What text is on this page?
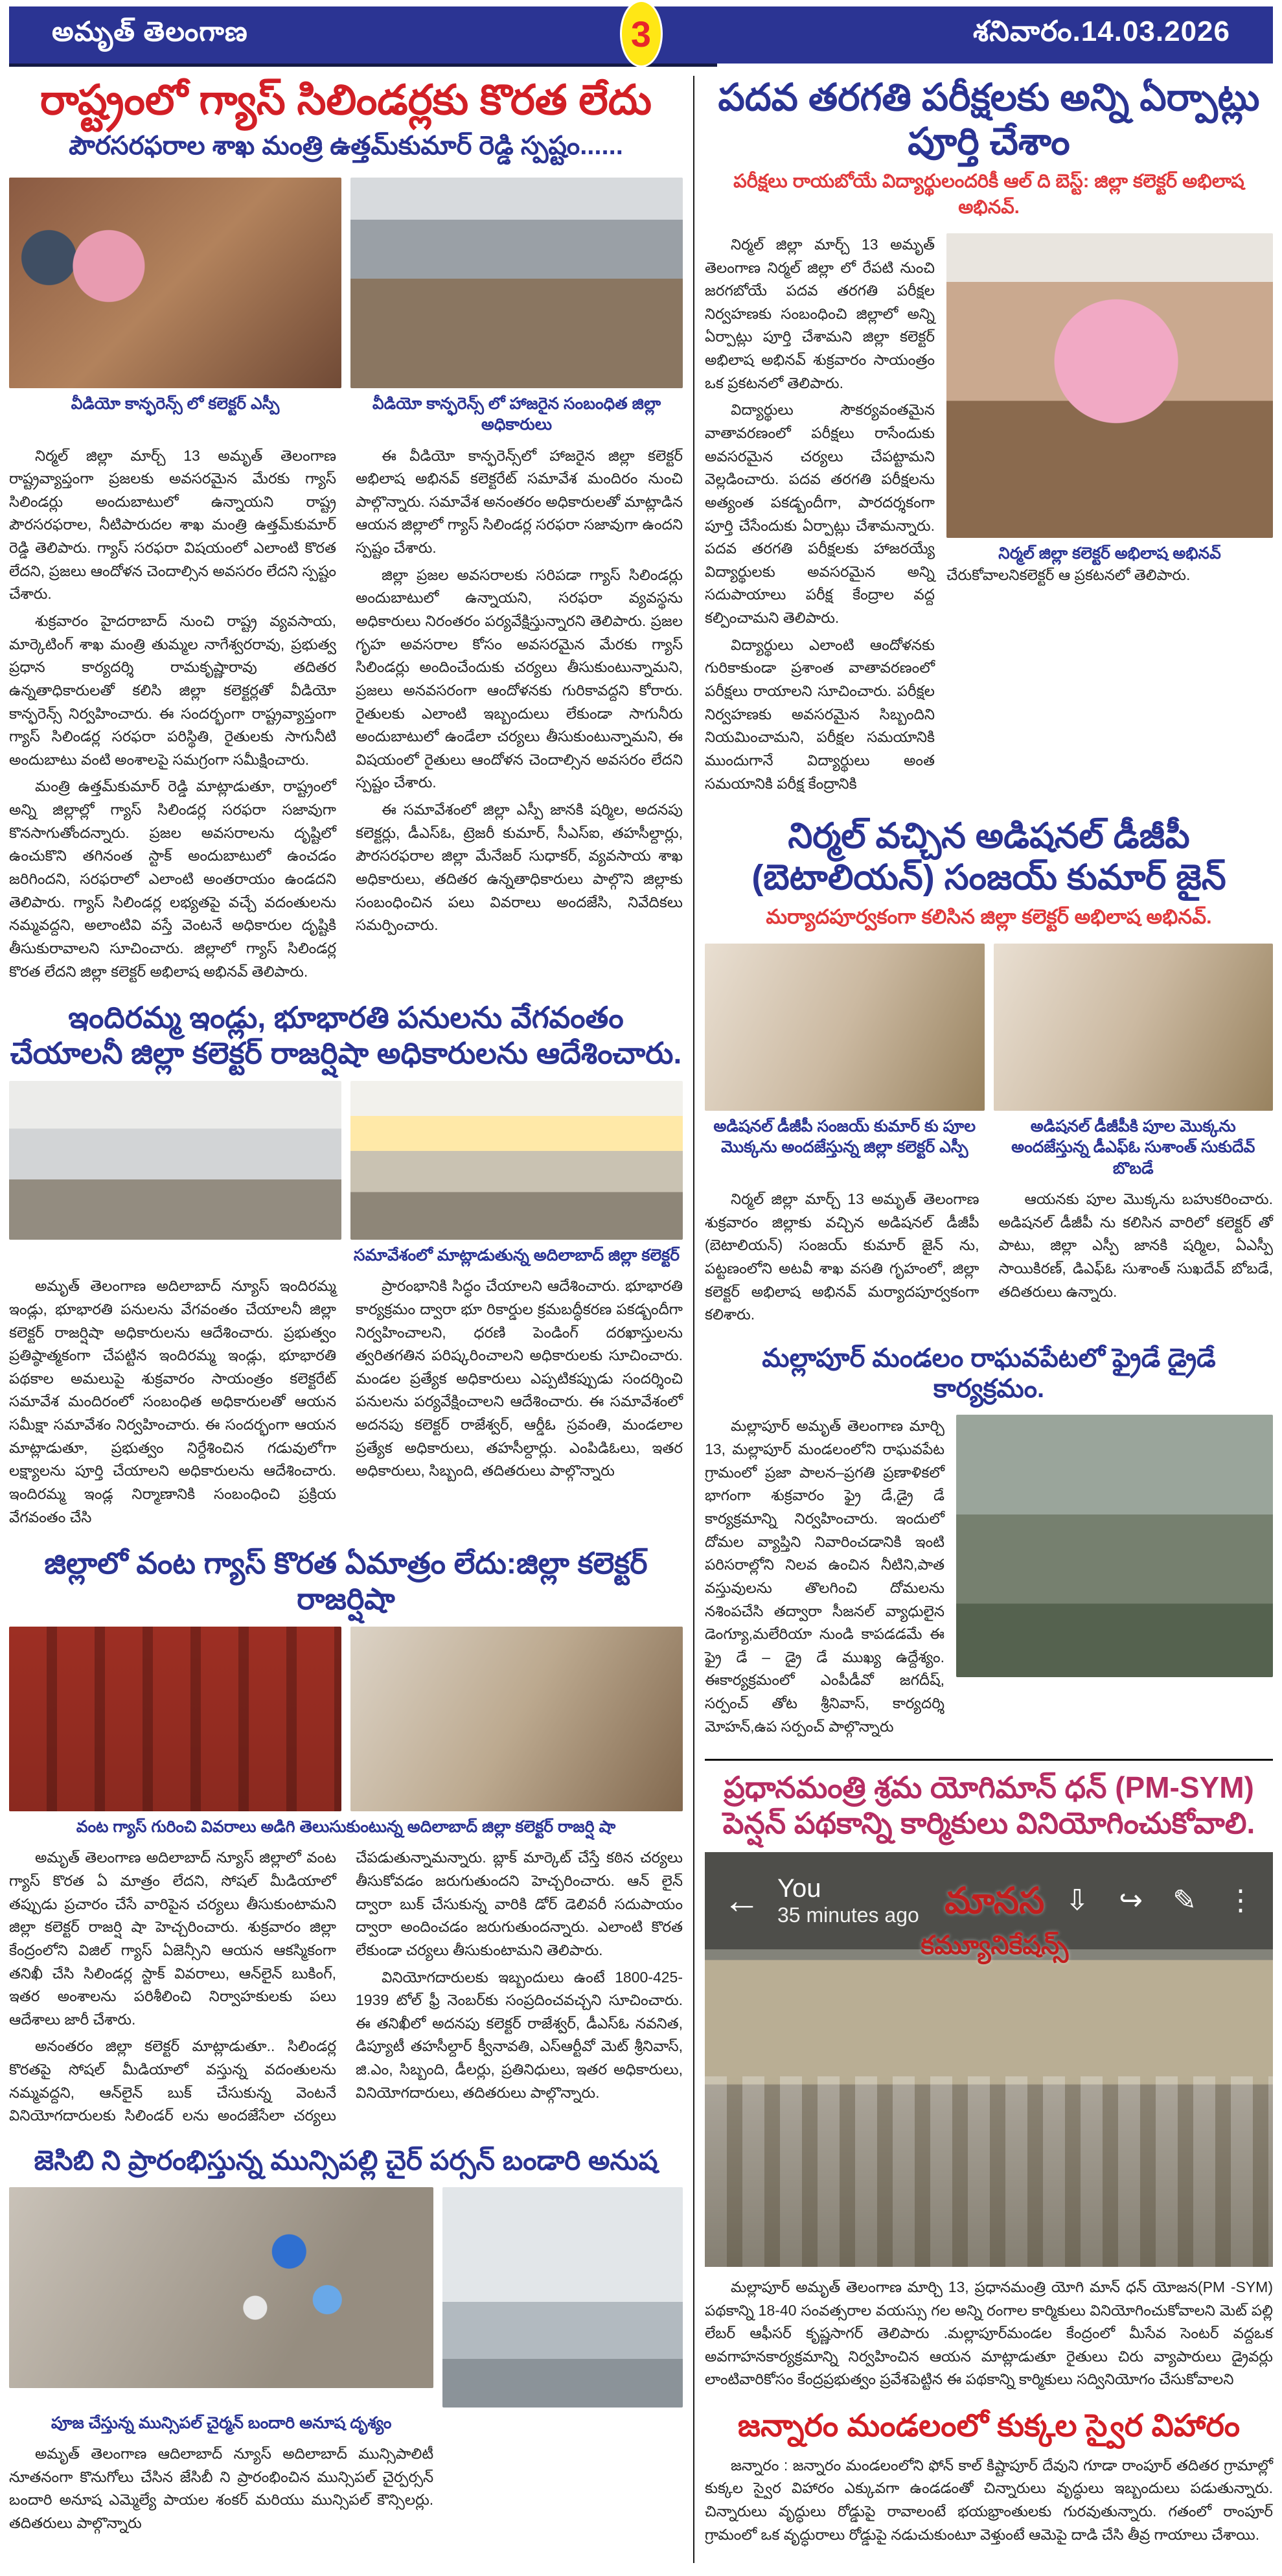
అమృత్ తెలంగాణ	3	శనివారం.14.03.2026
రాష్ట్రంలో గ్యాస్ సిలిండర్లకు కొరత లేదు
పౌరసరఫరాల శాఖ మంత్రి ఉత్తమ్‌కుమార్ రెడ్డి స్పష్టం......
వీడియో కాన్ఫరెన్స్ లో కలెక్టర్ ఎస్పీ	వీడియో కాన్ఫరెన్స్ లో హాజరైన సంబంధిత జిల్లా అధికారులు

నిర్మల్ జిల్లా మార్చ్ 13 అమృత్ తెలంగాణ రాష్ట్రవ్యాప్తంగా ప్రజలకు అవసరమైన మేరకు గ్యాస్ సిలిండర్లు అందుబాటులో ఉన్నాయని రాష్ట్ర పౌరసరఫరాల, నీటిపారుదల శాఖ మంత్రి ఉత్తమ్‌కుమార్ రెడ్డి తెలిపారు. గ్యాస్ సరఫరా విషయంలో ఎలాంటి కొరత లేదని, ప్రజలు ఆందోళన చెందాల్సిన అవసరం లేదని స్పష్టం చేశారు.

శుక్రవారం హైదరాబాద్ నుంచి రాష్ట్ర వ్యవసాయ, మార్కెటింగ్ శాఖ మంత్రి తుమ్మల నాగేశ్వరరావు, ప్రభుత్వ ప్రధాన కార్యదర్శి రామకృష్ణారావు తదితర ఉన్నతాధికారులతో కలిసి జిల్లా కలెక్టర్లతో వీడియో కాన్ఫరెన్స్ నిర్వహించారు. ఈ సందర్భంగా రాష్ట్రవ్యాప్తంగా గ్యాస్ సిలిండర్ల సరఫరా పరిస్థితి, రైతులకు సాగునీటి అందుబాటు వంటి అంశాలపై సమగ్రంగా సమీక్షించారు.

మంత్రి ఉత్తమ్‌కుమార్ రెడ్డి మాట్లాడుతూ, రాష్ట్రంలో అన్ని జిల్లాల్లో గ్యాస్ సిలిండర్ల సరఫరా సజావుగా కొనసాగుతోందన్నారు. ప్రజల అవసరాలను దృష్టిలో ఉంచుకొని తగినంత స్టాక్ అందుబాటులో ఉంచడం జరిగిందని, సరఫరాలో ఎలాంటి అంతరాయం ఉండదని తెలిపారు. గ్యాస్ సిలిండర్ల లభ్యతపై వచ్చే వదంతులను నమ్మవద్దని, అలాంటివి వస్తే వెంటనే అధికారుల దృష్టికి తీసుకురావాలని సూచించారు. జిల్లాలో గ్యాస్ సిలిండర్ల కొరత లేదని జిల్లా కలెక్టర్ అభిలాష అభినవ్ తెలిపారు.

ఈ వీడియో కాన్ఫరెన్స్‌లో హాజరైన జిల్లా కలెక్టర్ అభిలాష అభినవ్ కలెక్టరేట్ సమావేశ మందిరం నుంచి పాల్గొన్నారు. సమావేశ అనంతరం అధికారులతో మాట్లాడిన ఆయన జిల్లాలో గ్యాస్ సిలిండర్ల సరఫరా సజావుగా ఉందని స్పష్టం చేశారు.

జిల్లా ప్రజల అవసరాలకు సరిపడా గ్యాస్ సిలిండర్లు అందుబాటులో ఉన్నాయని, సరఫరా వ్యవస్థను అధికారులు నిరంతరం పర్యవేక్షిస్తున్నారని తెలిపారు. ప్రజల గృహ అవసరాల కోసం అవసరమైన మేరకు గ్యాస్ సిలిండర్లు అందించేందుకు చర్యలు తీసుకుంటున్నామని, ప్రజలు అనవసరంగా ఆందోళనకు గురికావద్దని కోరారు. రైతులకు ఎలాంటి ఇబ్బందులు లేకుండా సాగునీరు అందుబాటులో ఉండేలా చర్యలు తీసుకుంటున్నామని, ఈ విషయంలో రైతులు ఆందోళన చెందాల్సిన అవసరం లేదని స్పష్టం చేశారు.

ఈ సమావేశంలో జిల్లా ఎస్పీ జానకి షర్మిల, అదనపు కలెక్టర్లు, డీఎస్ఓ, ట్రెజరీ కుమార్, సీఎస్ఐ, తహసీల్దార్లు, పౌరసరఫరాల జిల్లా మేనేజర్ సుధాకర్, వ్యవసాయ శాఖ అధికారులు, తదితర ఉన్నతాధికారులు పాల్గొని జిల్లాకు సంబంధించిన పలు వివరాలు అందజేసి, నివేదికలు సమర్పించారు.

ఇందిరమ్మ ఇండ్లు, భూభారతి పనులను వేగవంతం చేయాలనీ జిల్లా కలెక్టర్ రాజర్షిషా అధికారులను ఆదేశించారు.
సమావేశంలో మాట్లాడుతున్న అదిలాబాద్ జిల్లా కలెక్టర్

అమృత్ తెలంగాణ అదిలాబాద్ న్యూస్ ఇందిరమ్మ ఇండ్లు, భూభారతి పనులను వేగవంతం చేయాలనీ జిల్లా కలెక్టర్ రాజర్షిషా అధికారులను ఆదేశించారు. ప్రభుత్వం ప్రతిష్ఠాత్మకంగా చేపట్టిన ఇందిరమ్మ ఇండ్లు, భూభారతి పథకాల అమలుపై శుక్రవారం సాయంత్రం కలెక్టరేట్ సమావేశ మందిరంలో సంబంధిత అధికారులతో ఆయన సమీక్షా సమావేశం నిర్వహించారు. ఈ సందర్భంగా ఆయన మాట్లాడుతూ, ప్రభుత్వం నిర్దేశించిన గడువులోగా లక్ష్యాలను పూర్తి చేయాలని అధికారులను ఆదేశించారు. ఇందిరమ్మ ఇండ్ల నిర్మాణానికి సంబంధించి ప్రక్రియ వేగవంతం చేసి

ప్రారంభానికి సిద్ధం చేయాలని ఆదేశించారు. భూభారతి కార్యక్రమం ద్వారా భూ రికార్డుల క్రమబద్ధీకరణ పకడ్బందీగా నిర్వహించాలని, ధరణి పెండింగ్ దరఖాస్తులను త్వరితగతిన పరిష్కరించాలని అధికారులకు సూచించారు. మండల ప్రత్యేక అధికారులు ఎప్పటికప్పుడు సందర్శించి పనులను పర్యవేక్షించాలని ఆదేశించారు. ఈ సమావేశంలో అదనపు కలెక్టర్ రాజేశ్వర్, ఆర్డీఓ స్రవంతి, మండలాల ప్రత్యేక అధికారులు, తహసీల్దార్లు. ఎంపిడిఓలు, ఇతర అధికారులు, సిబ్బంది, తదితరులు పాల్గొన్నారు

జిల్లాలో వంట గ్యాస్ కొరత ఏమాత్రం లేదు:జిల్లా కలెక్టర్ రాజర్షిషా
వంట గ్యాస్ గురించి వివరాలు అడిగి తెలుసుకుంటున్న అదిలాబాద్ జిల్లా కలెక్టర్ రాజర్షి షా

అమృత్ తెలంగాణ అదిలాబాద్ న్యూస్ జిల్లాలో వంట గ్యాస్ కొరత ఏ మాత్రం లేదని, సోషల్ మీడియాలో తప్పుడు ప్రచారం చేసే వారిపైన చర్యలు తీసుకుంటామని జిల్లా కలెక్టర్ రాజర్షి షా హెచ్చరించారు. శుక్రవారం జిల్లా కేంద్రంలోని విజిల్ గ్యాస్ ఏజెన్సీని ఆయన ఆకస్మికంగా తనిఖీ చేసి సిలిండర్ల స్టాక్ వివరాలు, ఆన్‌లైన్ బుకింగ్, ఇతర అంశాలను పరిశీలించి నిర్వాహకులకు పలు ఆదేశాలు జారీ చేశారు.

అనంతరం జిల్లా కలెక్టర్ మాట్లాడుతూ.. సిలిండర్ల కొరతపై సోషల్ మీడియాలో వస్తున్న వదంతులను నమ్మవద్దని, ఆన్‌లైన్ బుక్ చేసుకున్న వెంటనే వినియోగదారులకు సిలిండర్ లను అందజేసేలా చర్యలు చేపడుతున్నామన్నారు. బ్లాక్ మార్కెట్ చేస్తే కఠిన చర్యలు తీసుకోవడం జరుగుతుందని హెచ్చరించారు. ఆన్ లైన్ ద్వారా బుక్ చేసుకున్న వారికి డోర్ డెలివరీ సదుపాయం ద్వారా అందించడం జరుగుతుందన్నారు. ఎలాంటి కొరత లేకుండా చర్యలు తీసుకుంటామని తెలిపారు.

వినియోగదారులకు ఇబ్బందులు ఉంటే 1800-425-1939 టోల్ ఫ్రీ నెంబర్‌కు సంప్రదించవచ్చని సూచించారు. ఈ తనిఖీలో అదనపు కలెక్టర్ రాజేశ్వర్, డీఎస్ఓ నవనిత, డిప్యూటీ తహసీల్దార్ క్వీనావతి, ఎస్ఆర్టీవో మెట్ శ్రీనివాస్, జి.ఎం, సిబ్బంది, డీలర్లు, ప్రతినిధులు, ఇతర అధికారులు, వినియోగదారులు, తదితరులు పాల్గొన్నారు.

జెసిబి ని ప్రారంభిస్తున్న మున్సిపల్లి చైర్ పర్సన్ బండారి అనుష
పూజ చేస్తున్న మున్సిపల్ చైర్మన్ బందారి అనూష దృశ్యం

అమృత్ తెలంగాణ ఆదిలాబాద్ న్యూస్ అదిలాబాద్ మున్సిపాలిటీ నూతనంగా కొనుగోలు చేసిన జేసిబీ ని ప్రారంభించిన మున్సిపల్ చైర్పర్సన్ బందారి అనూష ఎమ్మెల్యే పాయల శంకర్ మరియు మున్సిపల్ కౌన్సిలర్లు. తదితరులు పాల్గొన్నారు

పదవ తరగతి పరీక్షలకు అన్ని ఏర్పాట్లు పూర్తి చేశాం
పరీక్షలు రాయబోయే విద్యార్థులందరికీ ఆల్ ది బెస్ట్: జిల్లా కలెక్టర్ అభిలాష అభినవ్.

నిర్మల్ జిల్లా మార్చ్ 13 అమృత్ తెలంగాణ నిర్మల్ జిల్లా లో రేపటి నుంచి జరగబోయే పదవ తరగతి పరీక్షల నిర్వహణకు సంబంధించి జిల్లాలో అన్ని ఏర్పాట్లు పూర్తి చేశామని జిల్లా కలెక్టర్ అభిలాష అభినవ్ శుక్రవారం సాయంత్రం ఒక ప్రకటనలో తెలిపారు.

విద్యార్థులు సౌకర్యవంతమైన వాతావరణంలో పరీక్షలు రాసేందుకు అవసరమైన చర్యలు చేపట్టామని వెల్లడించారు. పదవ తరగతి పరీక్షలను అత్యంత పకడ్బందీగా, పారదర్శకంగా పూర్తి చేసేందుకు ఏర్పాట్లు చేశామన్నారు. పదవ తరగతి పరీక్షలకు హాజరయ్యే విద్యార్థులకు అవసరమైన అన్ని సదుపాయాలు పరీక్ష కేంద్రాల వద్ద కల్పించామని తెలిపారు.

విద్యార్థులు ఎలాంటి ఆందోళనకు గురికాకుండా ప్రశాంత వాతావరణంలో పరీక్షలు రాయాలని సూచించారు. పరీక్షల నిర్వహణకు అవసరమైన సిబ్బందిని నియమించామని, పరీక్షల సమయానికి ముందుగానే విద్యార్థులు అంత సమయానికి పరీక్ష కేంద్రానికి

నిర్మల్ జిల్లా కలెక్టర్ అభిలాష అభినవ్
చేరుకోవాలనికలెక్టర్ ఆ ప్రకటనలో తెలిపారు.
నిర్మల్ వచ్చిన అడిషనల్ డీజీపీ (బెటాలియన్) సంజయ్ కుమార్ జైన్
మర్యాదపూర్వకంగా కలిసిన జిల్లా కలెక్టర్ అభిలాష అభినవ్.
అడిషనల్ డీజీపీ సంజయ్ కుమార్ కు పూల మొక్కను అందజేస్తున్న జిల్లా కలెక్టర్ ఎస్పీ
అడిషనల్ డీజీపీకి పూల మొక్కను అందజేస్తున్న డీఎఫ్ఓ సుశాంత్ సుకుదేవ్ బొబడే

నిర్మల్ జిల్లా మార్చ్ 13 అమృత్ తెలంగాణ శుక్రవారం జిల్లాకు వచ్చిన అడిషనల్ డీజీపీ (బెటాలియన్) సంజయ్ కుమార్ జైన్ ను, పట్టణంలోని అటవీ శాఖ వసతి గృహంలో, జిల్లా కలెక్టర్ అభిలాష అభినవ్ మర్యాదపూర్వకంగా కలిశారు.

ఆయనకు పూల మొక్కను బహుకరించారు. అడిషనల్ డీజీపీ ను కలిసిన వారిలో కలెక్టర్ తో పాటు, జిల్లా ఎస్పీ జానకి షర్మిల, ఏఎస్పీ సాయికిరణ్, డిఎఫ్ఓ సుశాంత్ సుఖదేవ్ బోబడే, తదితరులు ఉన్నారు.

మల్లాపూర్ మండలం రాఘవపేటలో ఫ్రైడే డ్రైడే కార్యక్రమం.

మల్లాపూర్ అమృత్ తెలంగాణ మార్చి 13, మల్లాపూర్ మండలంలోని రాఘవపేట గ్రామంలో ప్రజా పాలన–ప్రగతి ప్రణాళికలో భాగంగా శుక్రవారం ఫ్రై డే,డ్రై డే కార్యక్రమాన్ని నిర్వహించారు. ఇందులో దోమల వ్యాప్తిని నివారించడానికి ఇంటి పరిసరాల్లోని నిలవ ఉంచిన నీటిని,పాత వస్తువులను తొలగించి దోమలను నశింపచేసి తద్వారా సీజనల్ వ్యాధులైన డెంగ్యూ,మలేరియా నుండి కాపడడమే ఈ ఫ్రై డే – డ్రై డే ముఖ్య ఉద్దేశ్యం. ఈకార్యక్రమంలో ఎంపీడీవో జగదీష్, సర్పంచ్ తోట శ్రీనివాస్, కార్యదర్శి మోహన్,ఉప సర్పంచ్ పాల్గొన్నారు

ప్రధానమంత్రి శ్రమ యోగిమాన్ ధన్ (PM-SYM) పెన్షన్ పథకాన్ని కార్మికులు వినియోగించుకోవాలి.
← You
35 minutes ago	⇩ ↪ ✎ ⋮
మానస
కమ్యూనికేషన్స్

మల్లాపూర్ అమృత్ తెలంగాణ మార్చి 13, ప్రధానమంత్రి యోగి మాన్ ధన్ యోజన(PM -SYM) పథకాన్ని 18-40 సంవత్సరాల వయస్సు గల అన్ని రంగాల కార్మికులు వినియోగించుకోవాలని మెట్ పల్లి లేబర్ ఆఫీసర్ కృష్ణసాగర్ తెలిపారు .మల్లాపూర్‌మండల కేంద్రంలో మీసేవ సెంటర్ వద్దఒక అవగాహనకార్యక్రమాన్ని నిర్వహించిన ఆయన మాట్లాడుతూ రైతులు చిరు వ్యాపారులు డ్రైవర్లు లాంటివారికోసం కేంద్రప్రభుత్వం ప్రవేశపెట్టిన ఈ పథకాన్ని కార్మికులు సద్వినియోగం చేసుకోవాలని

జన్నారం మండలంలో కుక్కల స్వైర విహారం

జన్నారం : జన్నారం మండలంలోని ఫోన్ కాల్ కిష్టాపూర్ దేవుని గూడా రాంపూర్ తదితర గ్రామాల్లో కుక్కల స్వైర విహారం ఎక్కువగా ఉండడంతో చిన్నారులు వృద్ధులు ఇబ్బందులు పడుతున్నారు. చిన్నారులు వృద్ధులు రోడ్డుపై రావాలంటే భయభ్రాంతులకు గురవుతున్నారు. గతంలో రాంపూర్ గ్రామంలో ఒక వృద్ధురాలు రోడ్డుపై నడుచుకుంటూ వెళ్తుంటే ఆమెపై దాడి చేసి తీవ్ర గాయాలు చేశాయి.
